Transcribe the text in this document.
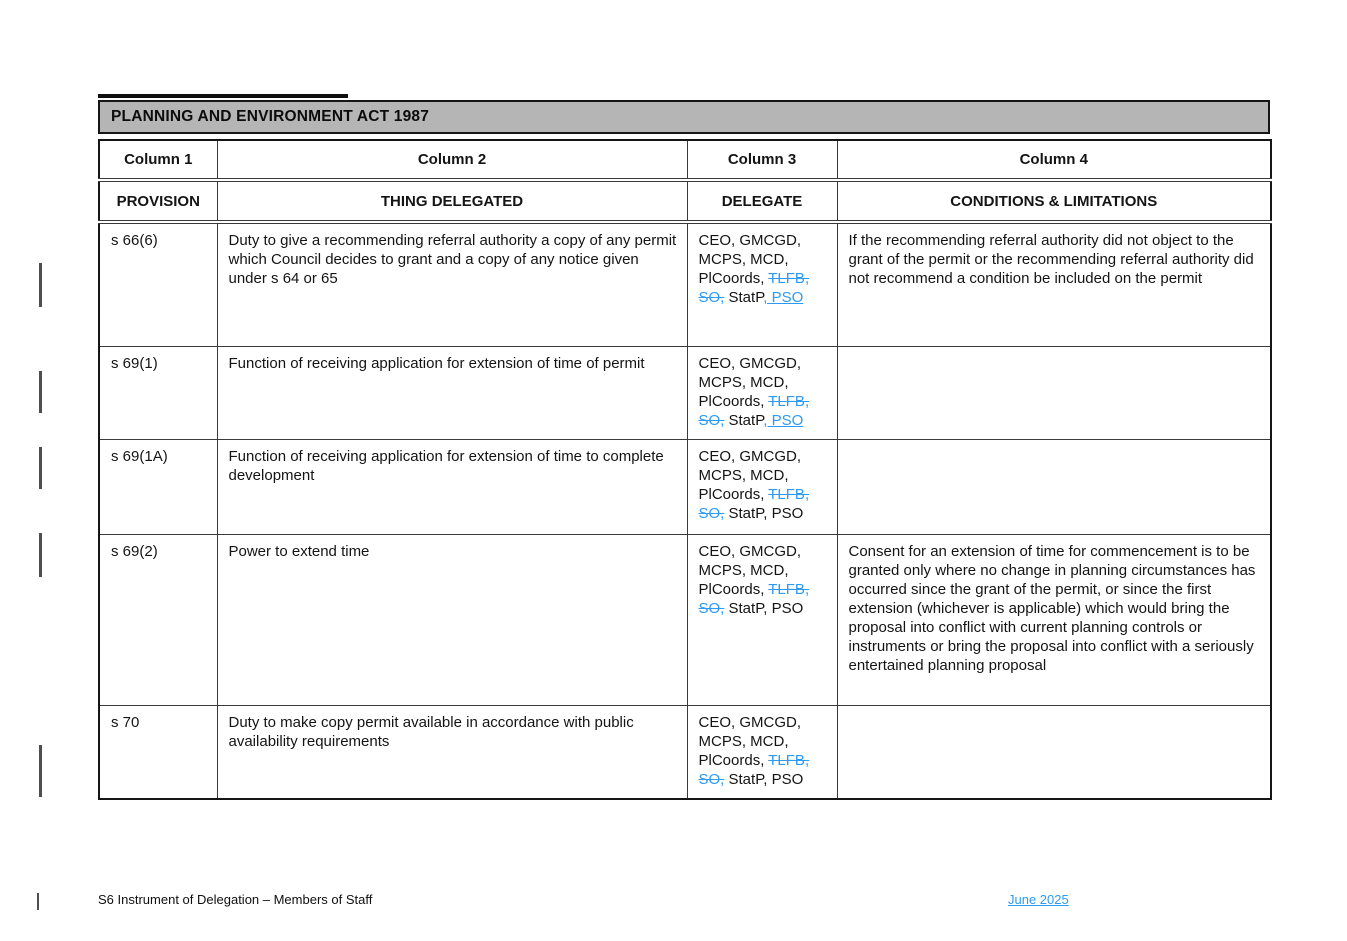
PLANNING AND ENVIRONMENT ACT 1987
Column 1	Column 2	Column 3	Column 4
PROVISION	THING DELEGATED	DELEGATE	CONDITIONS & LIMITATIONS
s 66(6)	Duty to give a recommending referral authority a copy of any permit which Council decides to grant and a copy of any notice given under s 64 or 65	CEO, GMCGD, MCPS, MCD, PlCoords, TLFB, SO, StatP, PSO	If the recommending referral authority did not object to the grant of the permit or the recommending referral authority did not recommend a condition be included on the permit
s 69(1)	Function of receiving application for extension of time of permit	CEO, GMCGD, MCPS, MCD, PlCoords, TLFB, SO, StatP, PSO	
s 69(1A)	Function of receiving application for extension of time to complete development	CEO, GMCGD, MCPS, MCD, PlCoords, TLFB, SO, StatP, PSO	
s 69(2)	Power to extend time	CEO, GMCGD, MCPS, MCD, PlCoords, TLFB, SO, StatP, PSO	Consent for an extension of time for commencement is to be granted only where no change in planning circumstances has occurred since the grant of the permit, or since the first extension (whichever is applicable) which would bring the proposal into conflict with current planning controls or instruments or bring the proposal into conflict with a seriously entertained planning proposal
s 70	Duty to make copy permit available in accordance with public availability requirements	CEO, GMCGD, MCPS, MCD, PlCoords, TLFB, SO, StatP, PSO	
S6 Instrument of Delegation – Members of Staff	June 2025
